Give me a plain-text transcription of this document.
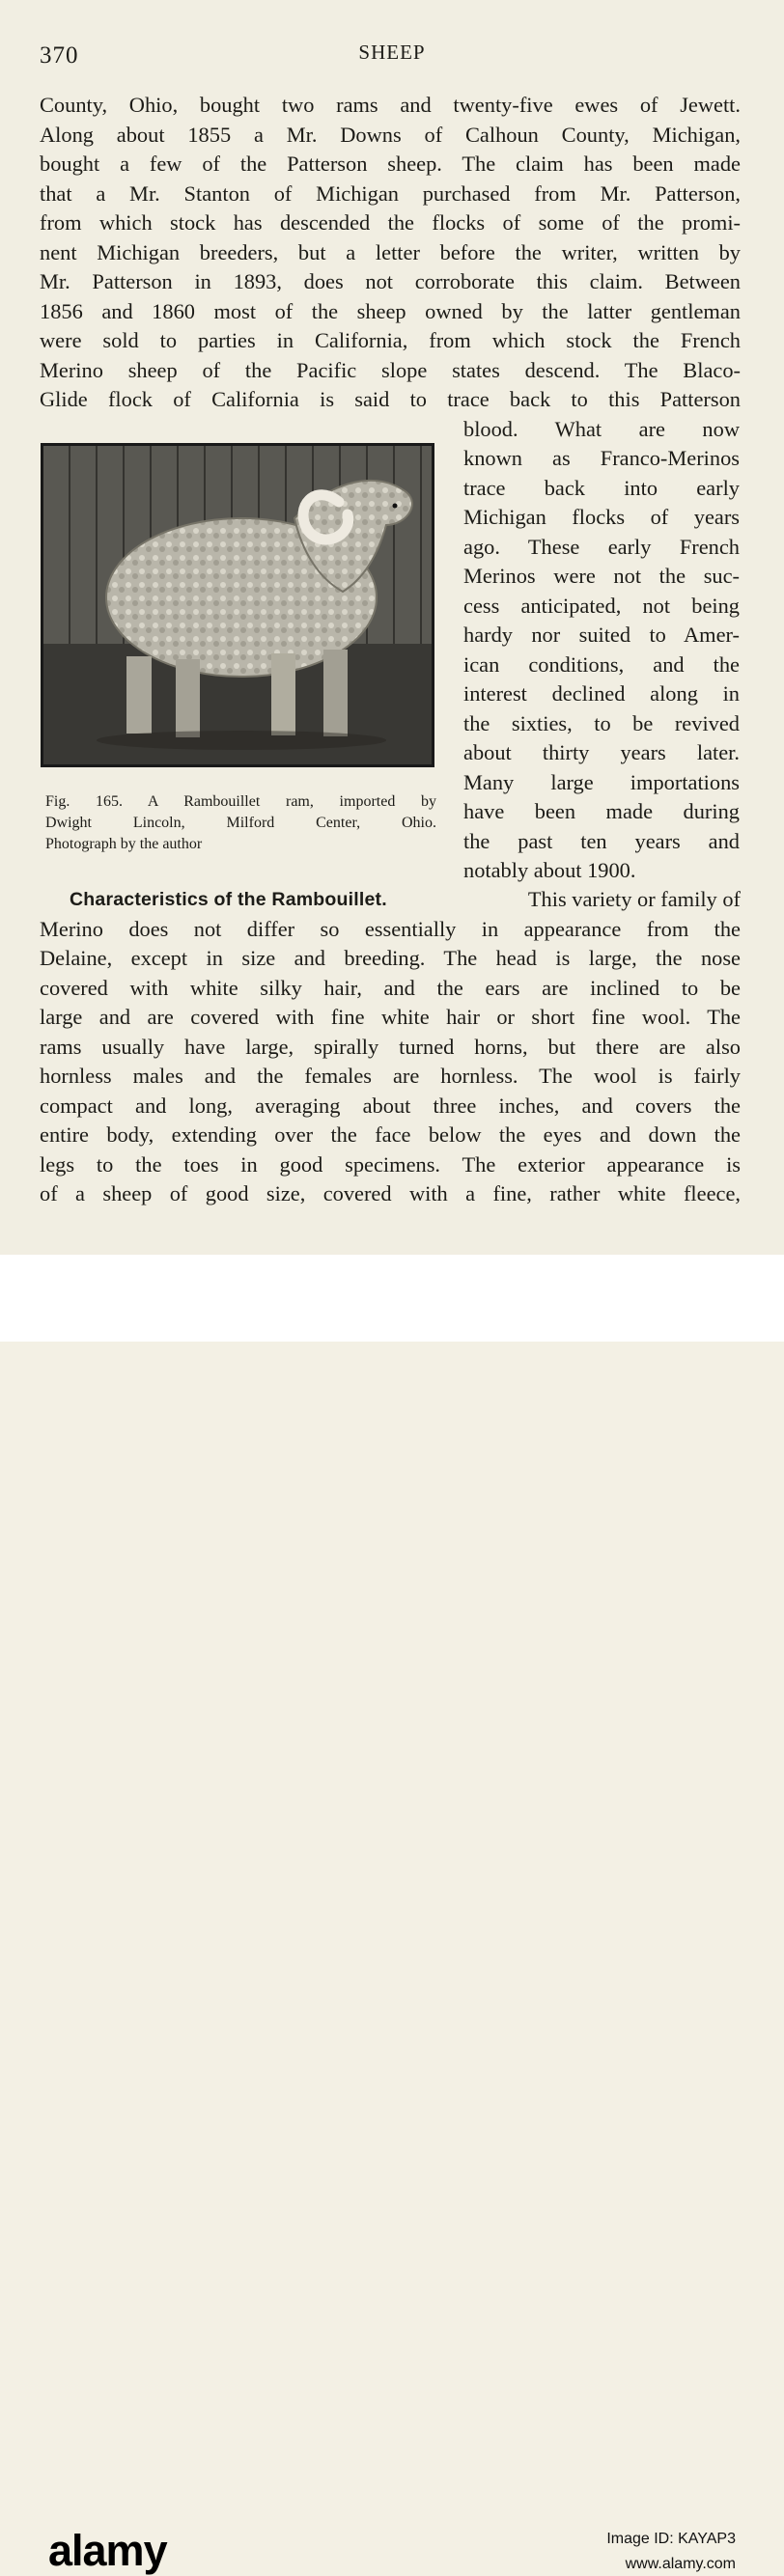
370	SHEEP
County, Ohio, bought two rams and twenty-five ewes of Jewett.
Along about 1855 a Mr. Downs of Calhoun County, Michigan,
bought a few of the Patterson sheep. The claim has been made
that a Mr. Stanton of Michigan purchased from Mr. Patterson,
from which stock has descended the flocks of some of the promi-
nent Michigan breeders, but a letter before the writer, written by
Mr. Patterson in 1893, does not corroborate this claim. Between
1856 and 1860 most of the sheep owned by the latter gentleman
were sold to parties in California, from which stock the French
Merino sheep of the Pacific slope states descend. The Blaco-
Glide flock of California is said to trace back to this Patterson
blood. What are now
known as Franco-Merinos
trace back into early
Michigan flocks of years
ago. These early French
Merinos were not the suc-
cess anticipated, not being
hardy nor suited to Amer-
ican conditions, and the
interest declined along in
the sixties, to be revived
about thirty years later.
Many large importations
have been made during
the past ten years and
notably about 1900.
Fig. 165. A Rambouillet ram, imported by
Dwight Lincoln, Milford Center, Ohio.
Photograph by the author
Characteristics of the Rambouillet.	This variety or family of
Merino does not differ so essentially in appearance from the
Delaine, except in size and breeding. The head is large, the nose
covered with white silky hair, and the ears are inclined to be
large and are covered with fine white hair or short fine wool. The
rams usually have large, spirally turned horns, but there are also
hornless males and the females are hornless. The wool is fairly
compact and long, averaging about three inches, and covers the
entire body, extending over the face below the eyes and down the
legs to the toes in good specimens. The exterior appearance is
of a sheep of good size, covered with a fine, rather white fleece,
alamy	Image ID: KAYAP3
www.alamy.com
